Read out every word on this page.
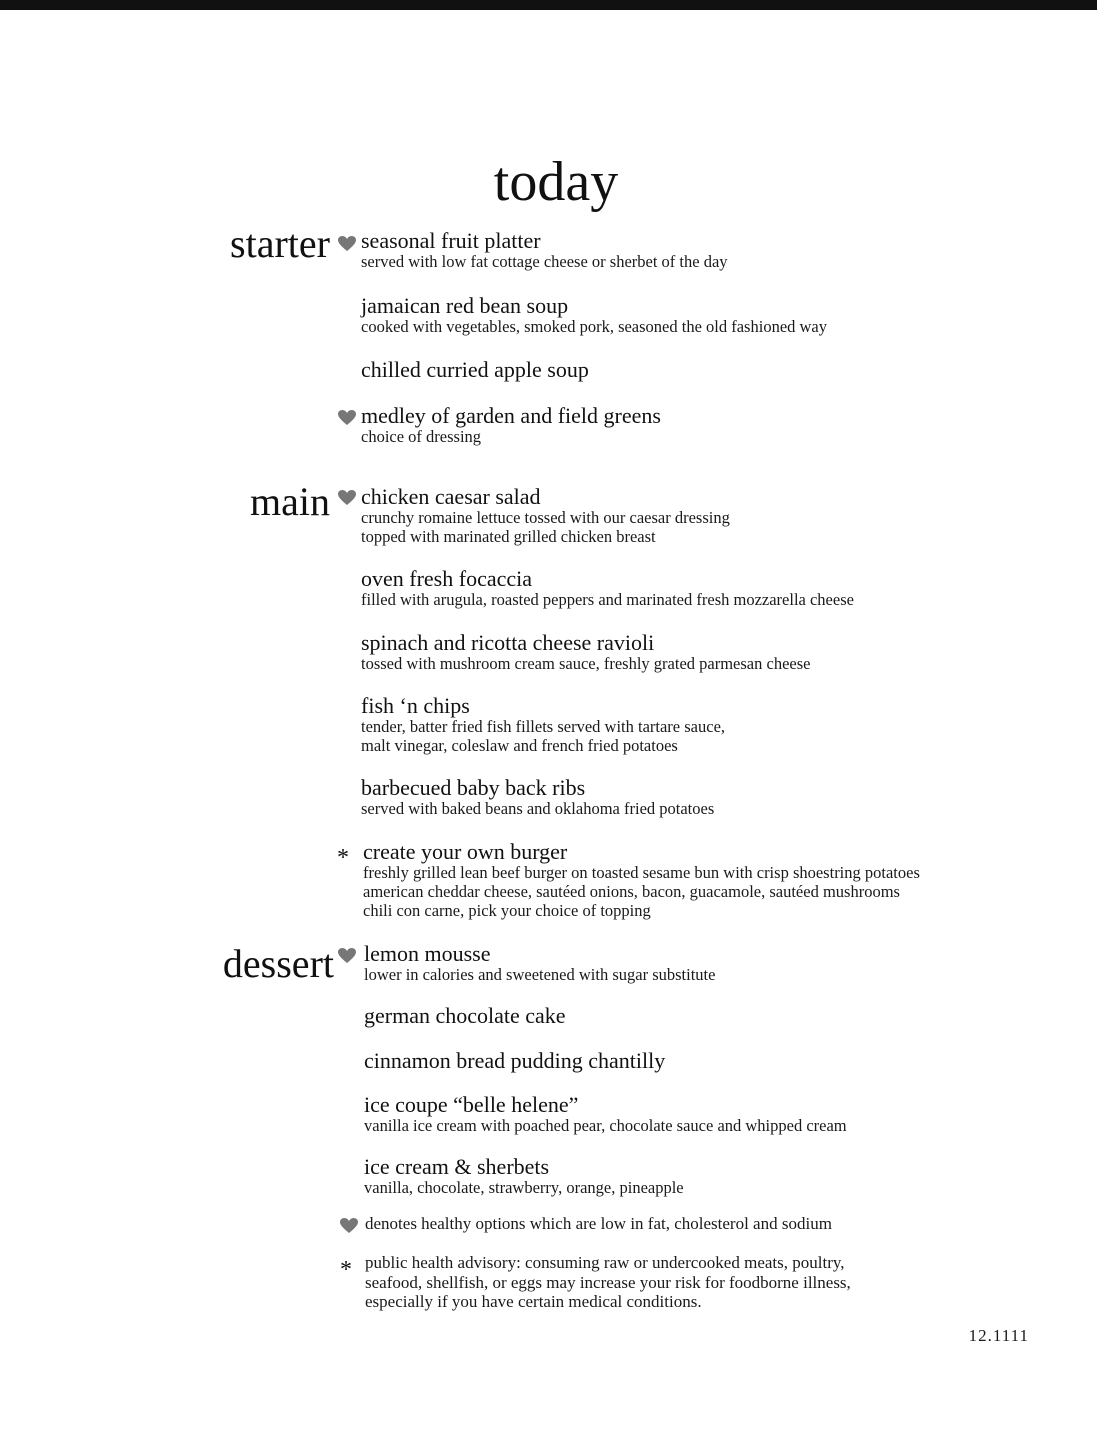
today
starter seasonal fruit platter
served with low fat cottage cheese or sherbet of the day
jamaican red bean soup
cooked with vegetables, smoked pork, seasoned the old fashioned way
chilled curried apple soup
medley of garden and field greens
choice of dressing
main chicken caesar salad
crunchy romaine lettuce tossed with our caesar dressing
topped with marinated grilled chicken breast
oven fresh focaccia
filled with arugula, roasted peppers and marinated fresh mozzarella cheese
spinach and ricotta cheese ravioli
tossed with mushroom cream sauce, freshly grated parmesan cheese
fish ‘n chips
tender, batter fried fish fillets served with tartare sauce,
malt vinegar, coleslaw and french fried potatoes
barbecued baby back ribs
served with baked beans and oklahoma fried potatoes
* create your own burger
freshly grilled lean beef burger on toasted sesame bun with crisp shoestring potatoes
american cheddar cheese, sautéed onions, bacon, guacamole, sautéed mushrooms
chili con carne, pick your choice of topping
dessert lemon mousse
lower in calories and sweetened with sugar substitute
german chocolate cake
cinnamon bread pudding chantilly
ice coupe “belle helene”
vanilla ice cream with poached pear, chocolate sauce and whipped cream
ice cream & sherbets
vanilla, chocolate, strawberry, orange, pineapple
denotes healthy options which are low in fat, cholesterol and sodium
* public health advisory: consuming raw or undercooked meats, poultry,
seafood, shellfish, or eggs may increase your risk for foodborne illness,
especially if you have certain medical conditions.
12.1111
